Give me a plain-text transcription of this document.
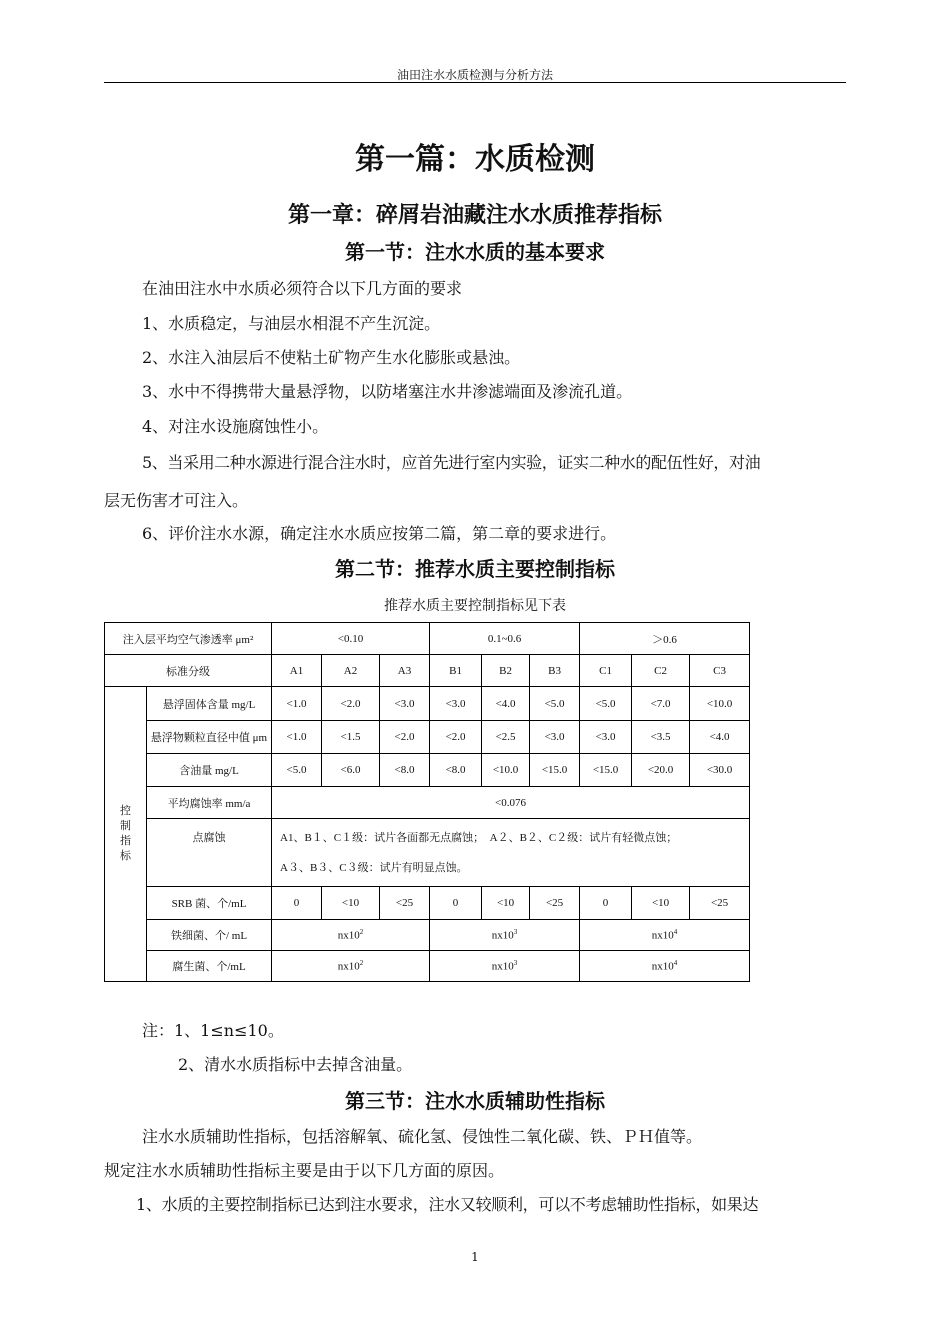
油田注水水质检测与分析方法
第一篇：水质检测
第一章：碎屑岩油藏注水水质推荐指标
第一节：注水水质的基本要求
在油田注水中水质必须符合以下几方面的要求
1、水质稳定，与油层水相混不产生沉淀。
2、水注入油层后不使粘土矿物产生水化膨胀或悬浊。
3、水中不得携带大量悬浮物，以防堵塞注水井渗滤端面及渗流孔道。
4、对注水设施腐蚀性小。
5、当采用二种水源进行混合注水时，应首先进行室内实验，证实二种水的配伍性好，对油
层无伤害才可注入。
6、评价注水水源，确定注水水质应按第二篇，第二章的要求进行。
第二节：推荐水质主要控制指标
推荐水质主要控制指标见下表
注入层平均空气渗透率 μm²		<0.10			0.1~0.6			＞0.6		
标准分级		A1	A2	A3	B1	B2	B3	C1	C2	C3
控制指标	悬浮固体含量 mg/L	<1.0	<2.0	<3.0	<3.0	<4.0	<5.0	<5.0	<7.0	<10.0
	悬浮物颗粒直径中值 μm	<1.0	<1.5	<2.0	<2.0	<2.5	<3.0	<3.0	<3.5	<4.0
	含油量 mg/L	<5.0	<6.0	<8.0	<8.0	<10.0	<15.0	<15.0	<20.0	<30.0
	平均腐蚀率 mm/a	<0.076								
	点腐蚀	A1、B１、C１级：试片各面都无点腐蚀；　A２、B２、C２级：试片有轻微点蚀；
A３、B３、C３级：试片有明显点蚀。								

	SRB 菌、个/mL	0	<10	<25	0	<10	<25	0	<10	<25
	铁细菌、个/ mL	$nx10^2$			$nx10^3$			$nx10^4$
	腐生菌、个/mL	$nx10^2$			$nx10^3$			$nx10^4$
注：1、1≤n≤10。
2、清水水质指标中去掉含油量。
第三节：注水水质辅助性指标
注水水质辅助性指标，包括溶解氧、硫化氢、侵蚀性二氧化碳、铁、ＰＨ值等。
规定注水水质辅助性指标主要是由于以下几方面的原因。
1、水质的主要控制指标已达到注水要求，注水又较顺利，可以不考虑辅助性指标，如果达
1
